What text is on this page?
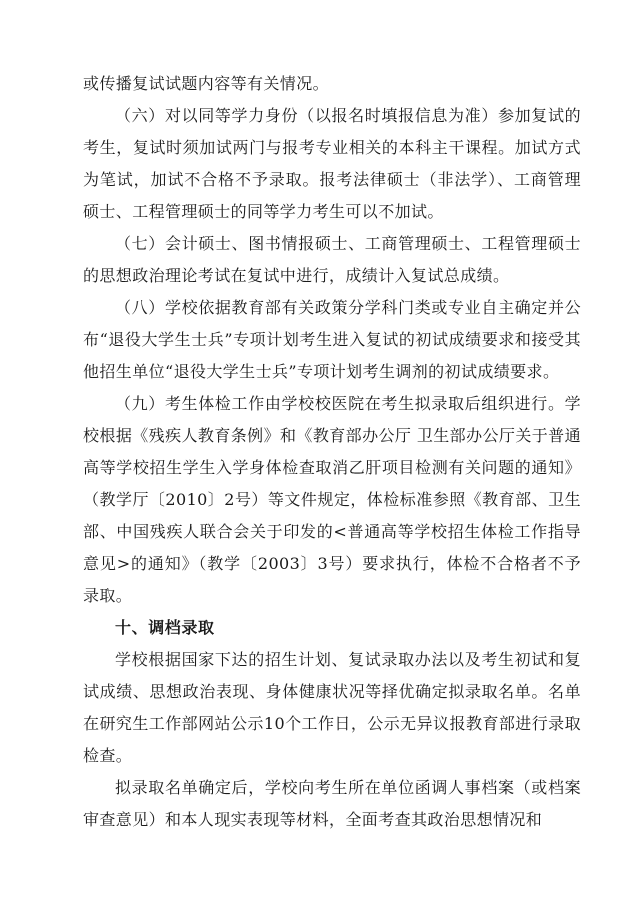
或传播复试试题内容等有关情况。

（六）对以同等学力身份（以报名时填报信息为准）参加复试的考生，复试时须加试两门与报考专业相关的本科主干课程。加试方式为笔试，加试不合格不予录取。报考法律硕士（非法学）、工商管理硕士、工程管理硕士的同等学力考生可以不加试。

（七）会计硕士、图书情报硕士、工商管理硕士、工程管理硕士的思想政治理论考试在复试中进行，成绩计入复试总成绩。

（八）学校依据教育部有关政策分学科门类或专业自主确定并公布“退役大学生士兵”专项计划考生进入复试的初试成绩要求和接受其他招生单位“退役大学生士兵”专项计划考生调剂的初试成绩要求。

（九）考生体检工作由学校校医院在考生拟录取后组织进行。学校根据《残疾人教育条例》和《教育部办公厅 卫生部办公厅关于普通高等学校招生学生入学身体检查取消乙肝项目检测有关问题的通知》（教学厅〔2010〕2号）等文件规定，体检标准参照《教育部、卫生部、中国残疾人联合会关于印发的<普通高等学校招生体检工作指导意见>的通知》（教学〔2003〕3号）要求执行，体检不合格者不予录取。

十、调档录取

学校根据国家下达的招生计划、复试录取办法以及考生初试和复试成绩、思想政治表现、身体健康状况等择优确定拟录取名单。名单在研究生工作部网站公示10个工作日，公示无异议报教育部进行录取检查。

拟录取名单确定后，学校向考生所在单位函调人事档案（或档案审查意见）和本人现实表现等材料，全面考查其政治思想情况和
